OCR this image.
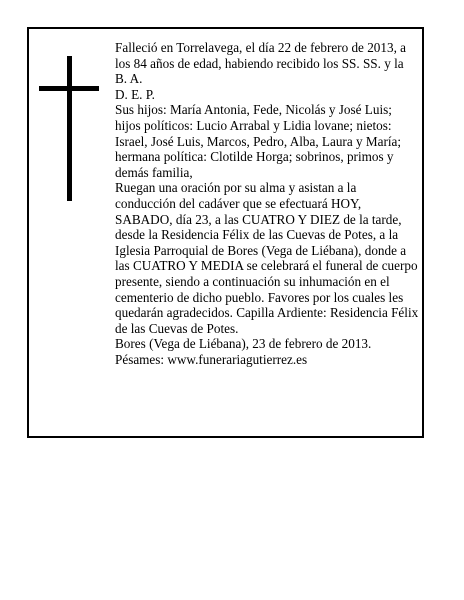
Falleció en Torrelavega, el día 22 de febrero de 2013, a los 84 años de edad, habiendo recibido los SS. SS. y la B. A.

D. E. P.

Sus hijos: María Antonia, Fede, Nicolás y José Luis; hijos políticos: Lucio Arrabal y Lidia lovane; nietos: Israel, José Luis, Marcos, Pedro, Alba, Laura y María; hermana política: Clotilde Horga; sobrinos, primos y demás familia,

Ruegan una oración por su alma y asistan a la conducción del cadáver que se efectuará HOY, SABADO, día 23, a las CUATRO Y DIEZ de la tarde, desde la Residencia Félix de las Cuevas de Potes, a la Iglesia Parroquial de Bores (Vega de Liébana), donde a las CUATRO Y MEDIA se celebrará el funeral de cuerpo presente, siendo a continuación su inhumación en el cementerio de dicho pueblo. Favores por los cuales les quedarán agradecidos. Capilla Ardiente: Residencia Félix de las Cuevas de Potes.

Bores (Vega de Liébana), 23 de febrero de 2013.

Pésames: www.funerariagutierrez.es
